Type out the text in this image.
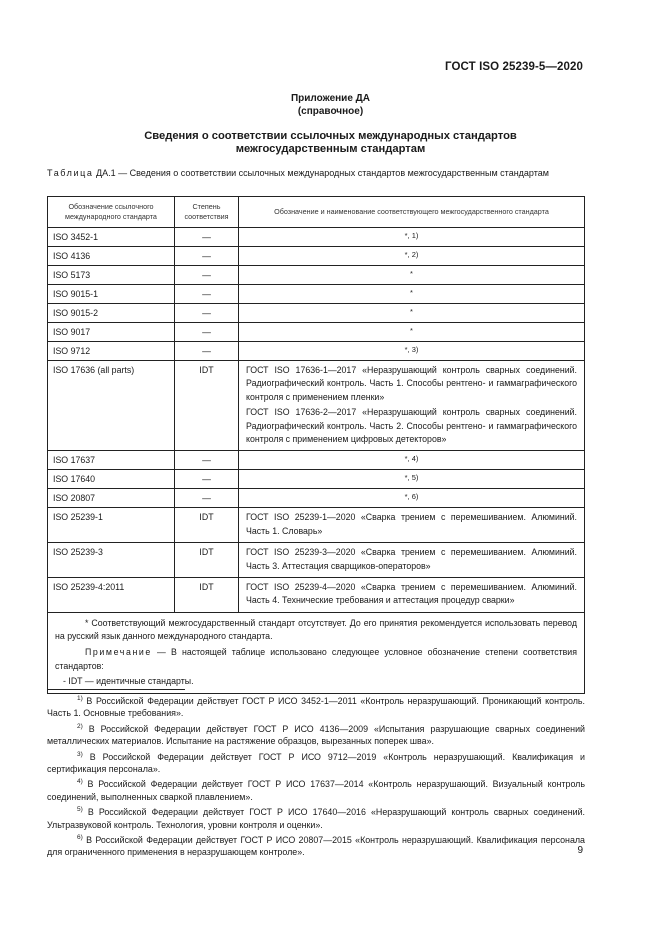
ГОСТ ISO 25239-5—2020
Приложение ДА
(справочное)
Сведения о соответствии ссылочных международных стандартов межгосударственным стандартам
Таблица ДА.1 — Сведения о соответствии ссылочных международных стандартов межгосударственным стандартам
Обозначение ссылочного международного стандарта	Степень соответствия	Обозначение и наименование соответствующего межгосударственного стандарта
ISO 3452-1	—	*, 1)
ISO 4136	—	*, 2)
ISO 5173	—	*
ISO 9015-1	—	*
ISO 9015-2	—	*
ISO 9017	—	*
ISO 9712	—	*, 3)
ISO 17636 (all parts)	IDT	ГОСТ ISO 17636-1—2017 «Неразрушающий контроль сварных соединений. Радиографический контроль. Часть 1. Способы рентгено- и гаммаграфического контроля с применением пленки»

ГОСТ ISO 17636-2—2017 «Неразрушающий контроль сварных соединений. Радиографический контроль. Часть 2. Способы рентгено- и гаммаграфического контроля с применением цифровых детекторов»

ISO 17637	—	*, 4)
ISO 17640	—	*, 5)
ISO 20807	—	*, 6)
ISO 25239-1	IDT	ГОСТ ISO 25239-1—2020 «Сварка трением с перемешиванием. Алюминий. Часть 1. Словарь»
ISO 25239-3	IDT	ГОСТ ISO 25239-3—2020 «Сварка трением с перемешиванием. Алюминий. Часть 3. Аттестация сварщиков-операторов»
ISO 25239-4:2011	IDT	ГОСТ ISO 25239-4—2020 «Сварка трением с перемешиванием. Алюминий. Часть 4. Технические требования и аттестация процедур сварки»

* Соответствующий межгосударственный стандарт отсутствует. До его принятия рекомендуется использовать перевод на русский язык данного международного стандарта.

Примечание — В настоящей таблице использовано следующее условное обозначение степени соответствия стандартов:

- IDT — идентичные стандарты.		

$^{1)}$ В Российской Федерации действует ГОСТ Р ИСО 3452-1—2011 «Контроль неразрушающий. Проникающий контроль. Часть 1. Основные требования».

$^{2)}$ В Российской Федерации действует ГОСТ Р ИСО 4136—2009 «Испытания разрушающие сварных соединений металлических материалов. Испытание на растяжение образцов, вырезанных поперек шва».

$^{3)}$ В Российской Федерации действует ГОСТ Р ИСО 9712—2019 «Контроль неразрушающий. Квалификация и сертификация персонала».

$^{4)}$ В Российской Федерации действует ГОСТ Р ИСО 17637—2014 «Контроль неразрушающий. Визуальный контроль соединений, выполненных сваркой плавлением».

$^{5)}$ В Российской Федерации действует ГОСТ Р ИСО 17640—2016 «Неразрушающий контроль сварных соединений. Ультразвуковой контроль. Технология, уровни контроля и оценки».

$^{6)}$ В Российской Федерации действует ГОСТ Р ИСО 20807—2015 «Контроль неразрушающий. Квалификация персонала для ограниченного применения в неразрушающем контроле».	9
